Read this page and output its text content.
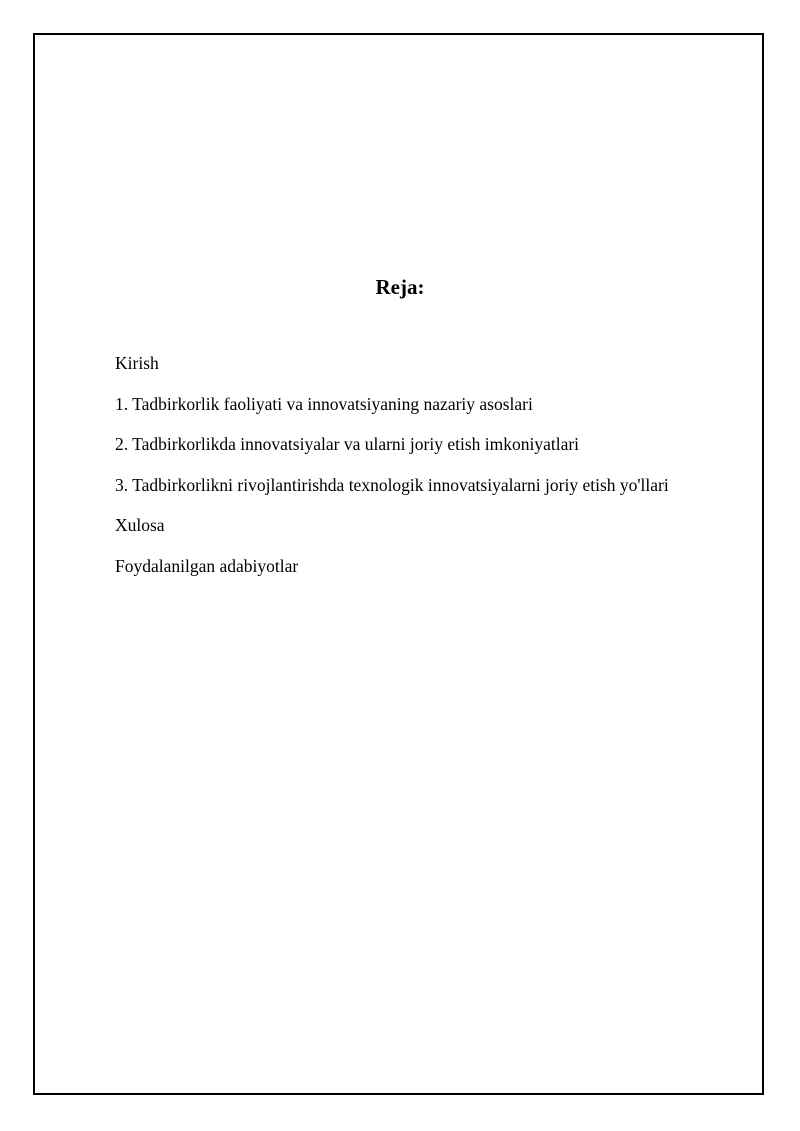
Reja:
Kirish
1. Tadbirkorlik faoliyati va innovatsiyaning nazariy asoslari
2. Tadbirkorlikda innovatsiyalar va ularni joriy etish imkoniyatlari
3. Tadbirkorlikni rivojlantirishda texnologik innovatsiyalarni joriy etish yo'llari
Xulosa
Foydalanilgan adabiyotlar
